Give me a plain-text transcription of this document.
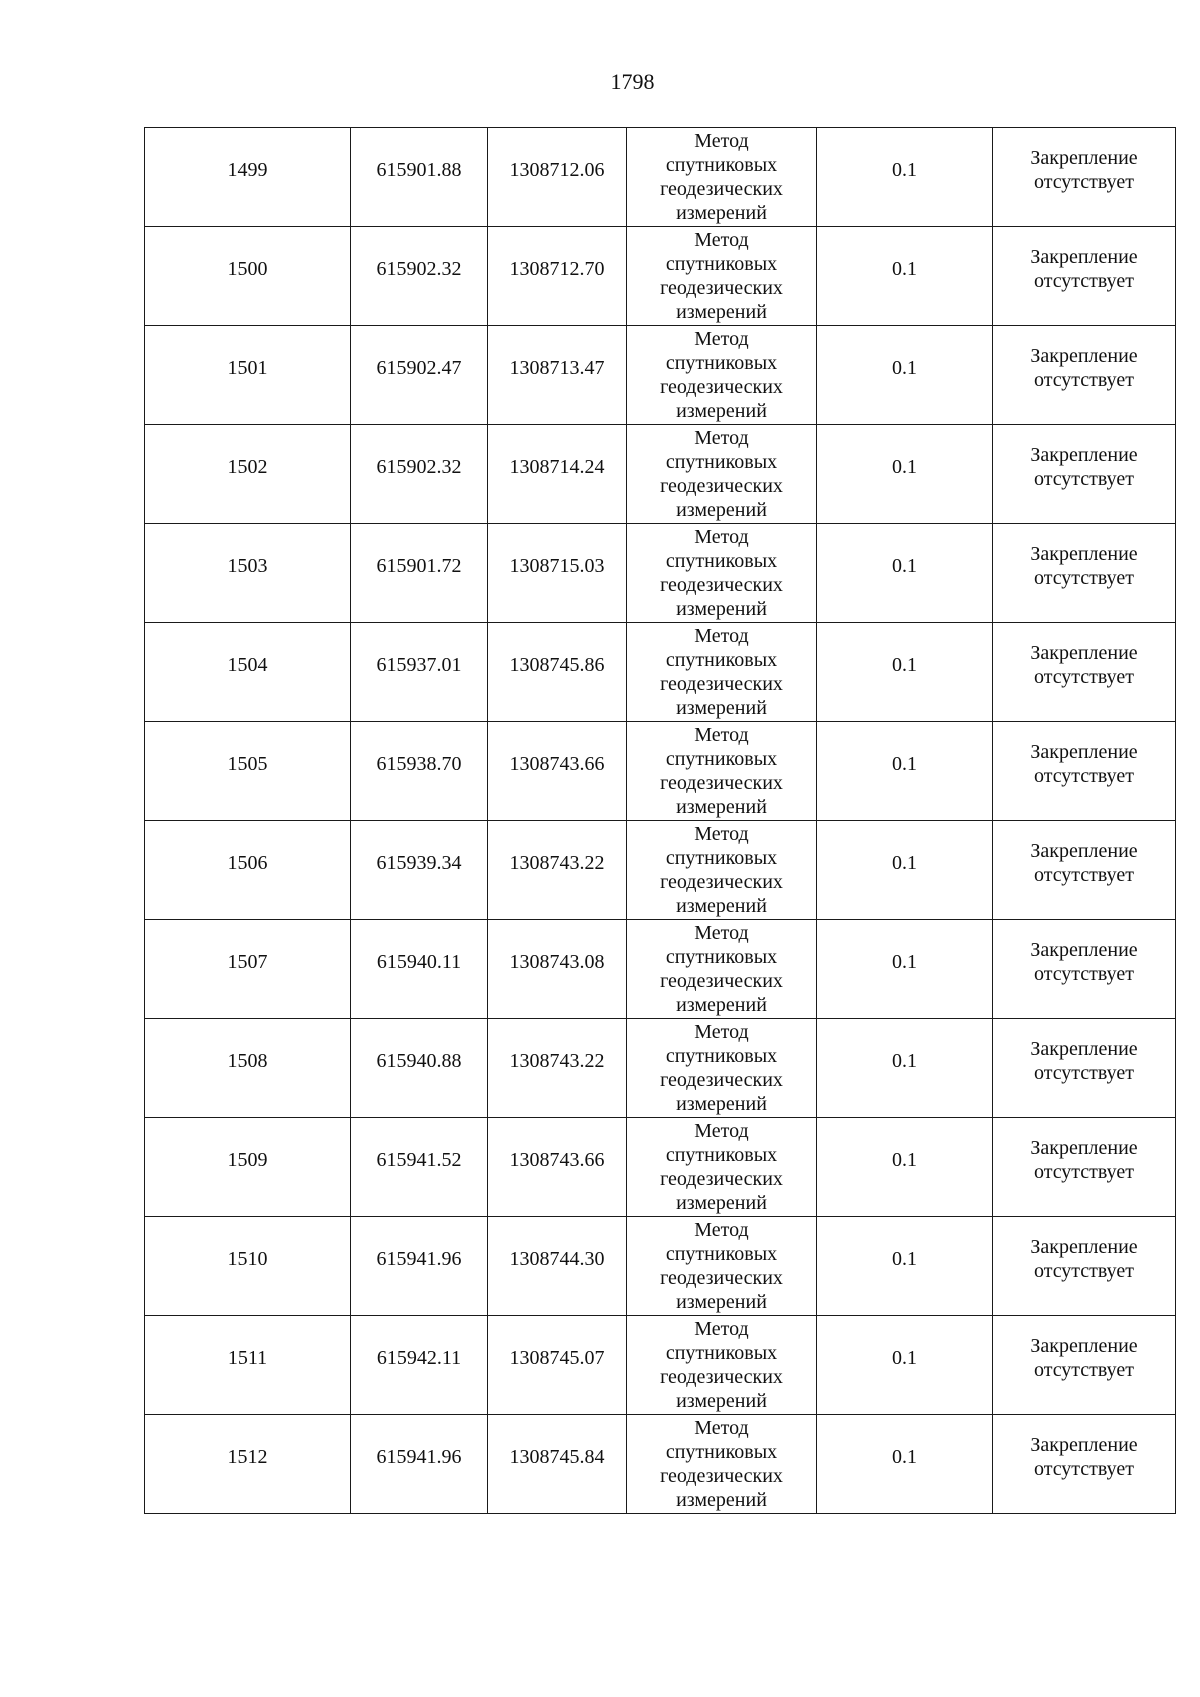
1798
1499	615901.88	1308712.06	Метод
спутниковых
геодезических
измерений	0.1	Закрепление
отсутствует

1500	615902.32	1308712.70	Метод
спутниковых
геодезических
измерений	0.1	Закрепление
отсутствует

1501	615902.47	1308713.47	Метод
спутниковых
геодезических
измерений	0.1	Закрепление
отсутствует

1502	615902.32	1308714.24	Метод
спутниковых
геодезических
измерений	0.1	Закрепление
отсутствует

1503	615901.72	1308715.03	Метод
спутниковых
геодезических
измерений	0.1	Закрепление
отсутствует

1504	615937.01	1308745.86	Метод
спутниковых
геодезических
измерений	0.1	Закрепление
отсутствует

1505	615938.70	1308743.66	Метод
спутниковых
геодезических
измерений	0.1	Закрепление
отсутствует

1506	615939.34	1308743.22	Метод
спутниковых
геодезических
измерений	0.1	Закрепление
отсутствует

1507	615940.11	1308743.08	Метод
спутниковых
геодезических
измерений	0.1	Закрепление
отсутствует

1508	615940.88	1308743.22	Метод
спутниковых
геодезических
измерений	0.1	Закрепление
отсутствует

1509	615941.52	1308743.66	Метод
спутниковых
геодезических
измерений	0.1	Закрепление
отсутствует

1510	615941.96	1308744.30	Метод
спутниковых
геодезических
измерений	0.1	Закрепление
отсутствует

1511	615942.11	1308745.07	Метод
спутниковых
геодезических
измерений	0.1	Закрепление
отсутствует

1512	615941.96	1308745.84	Метод
спутниковых
геодезических
измерений	0.1	Закрепление
отсутствует
